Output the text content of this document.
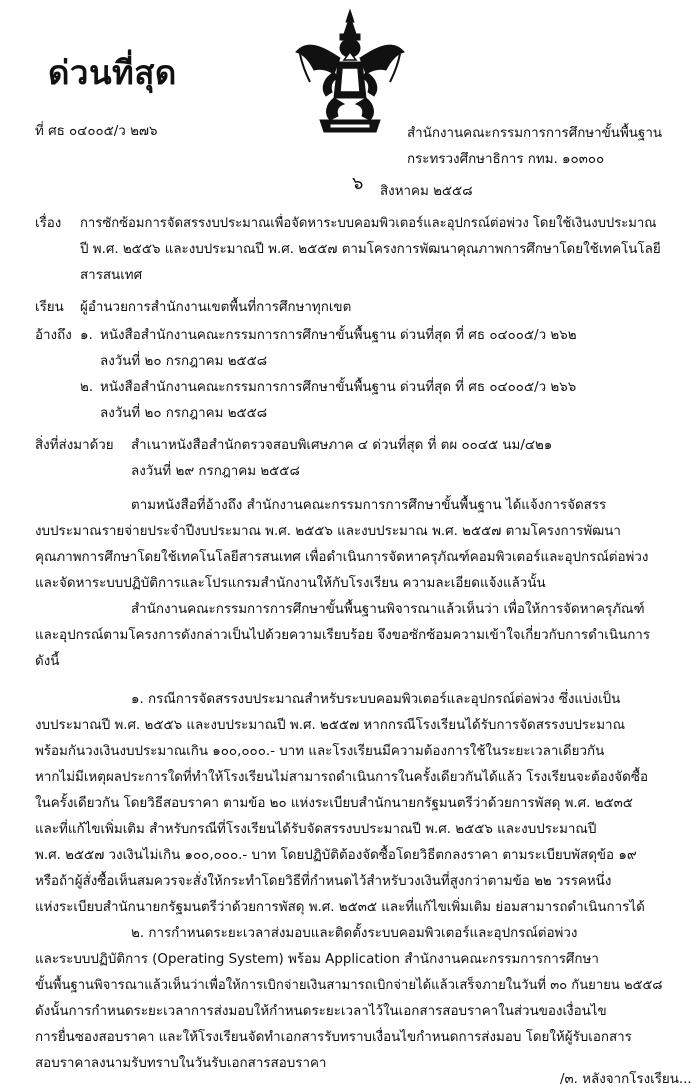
ด่วนที่สุด
ที่ ศธ ๐๔๐๐๕/ว ๒๗๖	สำนักงานคณะกรรมการการศึกษาขั้นพื้นฐาน
กระทรวงศึกษาธิการ กทม. ๑๐๓๐๐
๖ สิงหาคม ๒๕๕๘
เรื่อง การซักซ้อมการจัดสรรงบประมาณเพื่อจัดหาระบบคอมพิวเตอร์และอุปกรณ์ต่อพ่วง โดยใช้เงินงบประมาณ
ปี พ.ศ. ๒๕๕๖ และงบประมาณปี พ.ศ. ๒๕๕๗ ตามโครงการพัฒนาคุณภาพการศึกษาโดยใช้เทคโนโลยี
สารสนเทศ
เรียน ผู้อำนวยการสำนักงานเขตพื้นที่การศึกษาทุกเขต
อ้างถึง ๑. หนังสือสำนักงานคณะกรรมการการศึกษาขั้นพื้นฐาน ด่วนที่สุด ที่ ศธ ๐๔๐๐๕/ว ๒๖๒
ลงวันที่ ๒๐ กรกฎาคม ๒๕๕๘
๒. หนังสือสำนักงานคณะกรรมการการศึกษาขั้นพื้นฐาน ด่วนที่สุด ที่ ศธ ๐๔๐๐๕/ว ๒๖๖
ลงวันที่ ๒๐ กรกฎาคม ๒๕๕๘
สิ่งที่ส่งมาด้วย สำเนาหนังสือสำนักตรวจสอบพิเศษภาค ๔ ด่วนที่สุด ที่ ตผ ๐๐๔๕ นม/๔๒๑
ลงวันที่ ๒๙ กรกฎาคม ๒๕๕๘
ตามหนังสือที่อ้างถึง สำนักงานคณะกรรมการการศึกษาขั้นพื้นฐาน ได้แจ้งการจัดสรร
งบประมาณรายจ่ายประจำปีงบประมาณ พ.ศ. ๒๕๕๖ และงบประมาณ พ.ศ. ๒๕๕๗ ตามโครงการพัฒนา
คุณภาพการศึกษาโดยใช้เทคโนโลยีสารสนเทศ เพื่อดำเนินการจัดหาครุภัณฑ์คอมพิวเตอร์และอุปกรณ์ต่อพ่วง
และจัดหาระบบปฏิบัติการและโปรแกรมสำนักงานให้กับโรงเรียน ความละเอียดแจ้งแล้วนั้น
สำนักงานคณะกรรมการการศึกษาขั้นพื้นฐานพิจารณาแล้วเห็นว่า เพื่อให้การจัดหาครุภัณฑ์
และอุปกรณ์ตามโครงการดังกล่าวเป็นไปด้วยความเรียบร้อย จึงขอซักซ้อมความเข้าใจเกี่ยวกับการดำเนินการ
ดังนี้
๑. กรณีการจัดสรรงบประมาณสำหรับระบบคอมพิวเตอร์และอุปกรณ์ต่อพ่วง ซึ่งแบ่งเป็น
งบประมาณปี พ.ศ. ๒๕๕๖ และงบประมาณปี พ.ศ. ๒๕๕๗ หากกรณีโรงเรียนได้รับการจัดสรรงบประมาณ
พร้อมกันวงเงินงบประมาณเกิน ๑๐๐,๐๐๐.- บาท และโรงเรียนมีความต้องการใช้ในระยะเวลาเดียวกัน
หากไม่มีเหตุผลประการใดที่ทำให้โรงเรียนไม่สามารถดำเนินการในครั้งเดียวกันได้แล้ว โรงเรียนจะต้องจัดซื้อ
ในครั้งเดียวกัน โดยวิธีสอบราคา ตามข้อ ๒๐ แห่งระเบียบสำนักนายกรัฐมนตรีว่าด้วยการพัสดุ พ.ศ. ๒๕๓๕
และที่แก้ไขเพิ่มเติม สำหรับกรณีที่โรงเรียนได้รับจัดสรรงบประมาณปี พ.ศ. ๒๕๕๖ และงบประมาณปี
พ.ศ. ๒๕๕๗ วงเงินไม่เกิน ๑๐๐,๐๐๐.- บาท โดยปฏิบัติต้องจัดซื้อโดยวิธีตกลงราคา ตามระเบียบพัสดุข้อ ๑๙
หรือถ้าผู้สั่งซื้อเห็นสมควรจะสั่งให้กระทำโดยวิธีที่กำหนดไว้สำหรับวงเงินที่สูงกว่าตามข้อ ๒๒ วรรคหนึ่ง
แห่งระเบียบสำนักนายกรัฐมนตรีว่าด้วยการพัสดุ พ.ศ. ๒๕๓๕ และที่แก้ไขเพิ่มเติม ย่อมสามารถดำเนินการได้
๒. การกำหนดระยะเวลาส่งมอบและติดตั้งระบบคอมพิวเตอร์และอุปกรณ์ต่อพ่วง
และระบบปฏิบัติการ (Operating System) พร้อม Application สำนักงานคณะกรรมการการศึกษา
ขั้นพื้นฐานพิจารณาแล้วเห็นว่าเพื่อให้การเบิกจ่ายเงินสามารถเบิกจ่ายได้แล้วเสร็จภายในวันที่ ๓๐ กันยายน ๒๕๕๘
ดังนั้นการกำหนดระยะเวลาการส่งมอบให้กำหนดระยะเวลาไว้ในเอกสารสอบราคาในส่วนของเงื่อนไข
การยื่นซองสอบราคา และให้โรงเรียนจัดทำเอกสารรับทราบเงื่อนไขกำหนดการส่งมอบ โดยให้ผู้รับเอกสาร
สอบราคาลงนามรับทราบในวันรับเอกสารสอบราคา
/๓. หลังจากโรงเรียน...
